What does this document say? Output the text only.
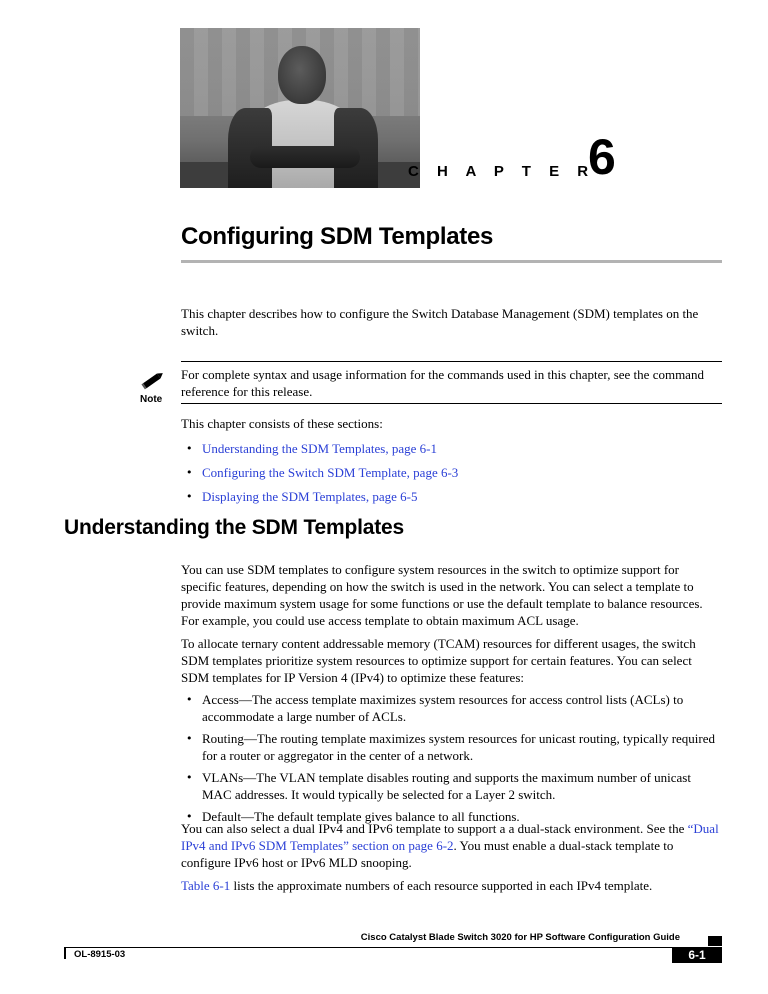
C H A P T E R
6
Configuring SDM Templates

This chapter describes how to configure the Switch Database Management (SDM) templates on the switch.

Note

For complete syntax and usage information for the commands used in this chapter, see the command reference for this release.

This chapter consists of these sections:

• Understanding the SDM Templates, page 6-1
• Configuring the Switch SDM Template, page 6-3
• Displaying the SDM Templates, page 6-5
Understanding the SDM Templates

You can use SDM templates to configure system resources in the switch to optimize support for specific features, depending on how the switch is used in the network. You can select a template to provide maximum system usage for some functions or use the default template to balance resources. For example, you could use access template to obtain maximum ACL usage.

To allocate ternary content addressable memory (TCAM) resources for different usages, the switch SDM templates prioritize system resources to optimize support for certain features. You can select SDM templates for IP Version 4 (IPv4) to optimize these features:

• Access—The access template maximizes system resources for access control lists (ACLs) to accommodate a large number of ACLs.
• Routing—The routing template maximizes system resources for unicast routing, typically required for a router or aggregator in the center of a network.
• VLANs—The VLAN template disables routing and supports the maximum number of unicast MAC addresses. It would typically be selected for a Layer 2 switch.
• Default—The default template gives balance to all functions.

You can also select a dual IPv4 and IPv6 template to support a a dual-stack environment. See the “Dual IPv4 and IPv6 SDM Templates” section on page 6-2. You must enable a dual-stack template to configure IPv6 host or IPv6 MLD snooping.

Table 6-1 lists the approximate numbers of each resource supported in each IPv4 template.

Cisco Catalyst Blade Switch 3020 for HP Software Configuration Guide
OL-8915-03	6-1
